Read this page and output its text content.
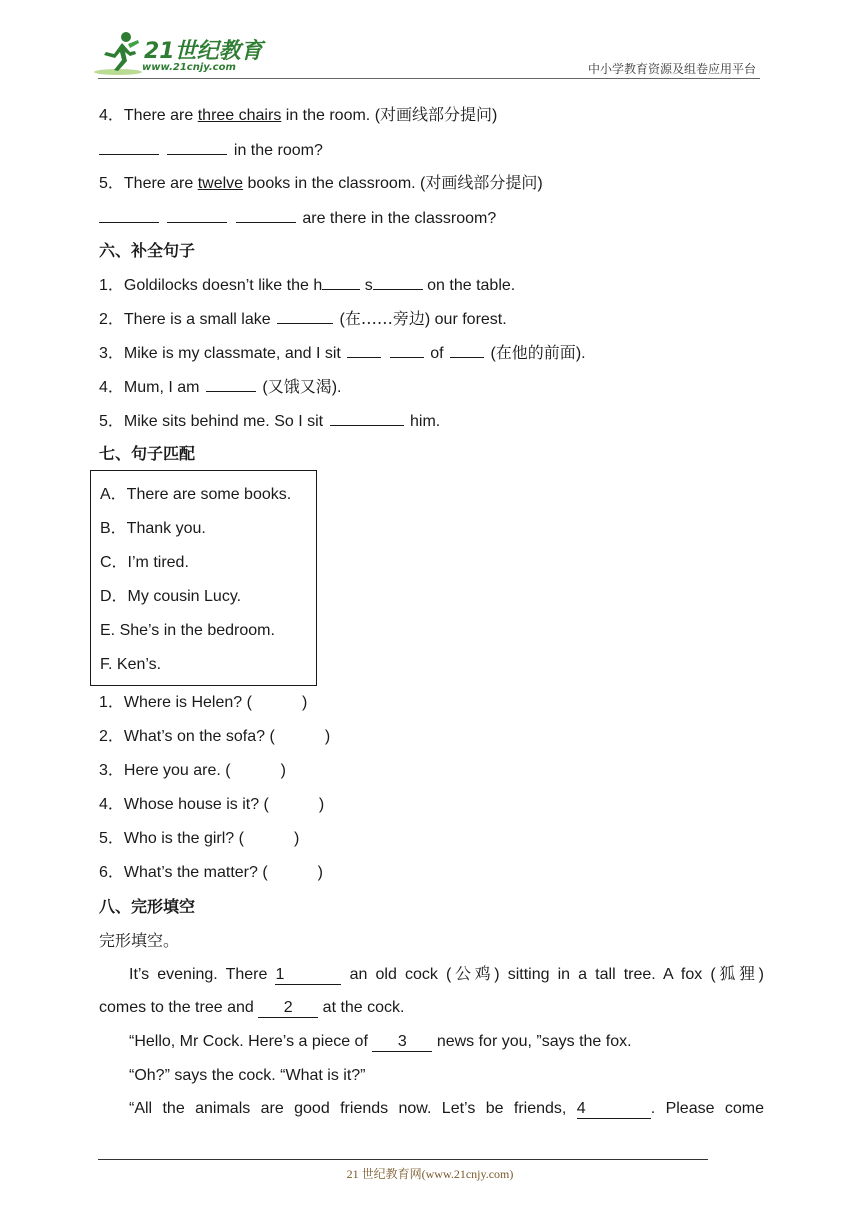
21世纪教育
www.21cnjy.com	中小学教育资源及组卷应用平台
4．There are three chairs in the room. (对画线部分提问)
in the room?
5．There are twelve books in the classroom. (对画线部分提问)
are there in the classroom?
六、补全句子
1．Goldilocks doesn’t like the h	s	on the table.
2．There is a small lake	(在……旁边) our forest.
3．Mike is my classmate, and I sit	of	(在他的前面).
4．Mum, I am	(又饿又渴).
5．Mike sits behind me. So I sit	him.
七、句子匹配
A．There are some books.
B．Thank you.
C．I’m tired.
D．My cousin Lucy.
E. She’s in the bedroom.
F. Ken’s.
1．Where is Helen? (	)
2．What’s on the sofa? (	)
3．Here you are. (	)
4．Whose house is it? (	)
5．Who is the girl? (	)
6．What’s the matter? (	)
八、完形填空
完形填空。
It’s evening. There 1	an old cock (公鸡) sitting in a tall tree. A fox (狐狸)
comes to the tree and 2 at the cock.
“Hello, Mr Cock. Here’s a piece of 3 news for you, ”says the fox.
“Oh?” says the cock. “What is it?”
“All the animals are good friends now. Let’s be friends, 4	. Please come
21 世纪教育网(www.21cnjy.com)
